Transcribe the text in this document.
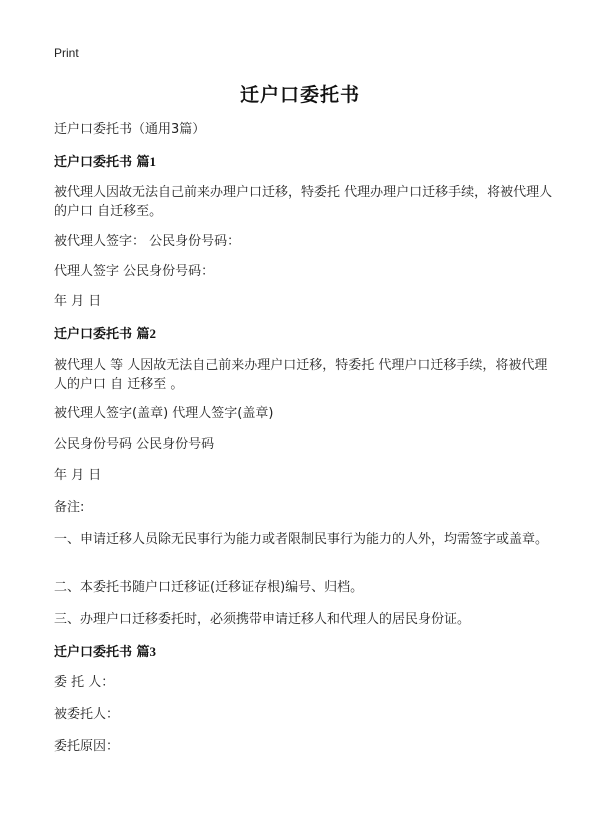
Print
迁户口委托书
迁户口委托书（通用3篇）
迁户口委托书 篇1
被代理人因故无法自己前来办理户口迁移，特委托 代理办理户口迁移手续，将被代理人的户口 自迁移至。
被代理人签字： 公民身份号码：
代理人签字 公民身份号码：
年 月 日
迁户口委托书 篇2
被代理人 等 人因故无法自己前来办理户口迁移，特委托 代理户口迁移手续，将被代理人的户口 自 迁移至 。
被代理人签字(盖章) 代理人签字(盖章)
公民身份号码 公民身份号码
年 月 日
备注:
一、申请迁移人员除无民事行为能力或者限制民事行为能力的人外，均需签字或盖章。
二、本委托书随户口迁移证(迁移证存根)编号、归档。
三、办理户口迁移委托时，必须携带申请迁移人和代理人的居民身份证。
迁户口委托书 篇3
委 托 人：
被委托人：
委托原因：
